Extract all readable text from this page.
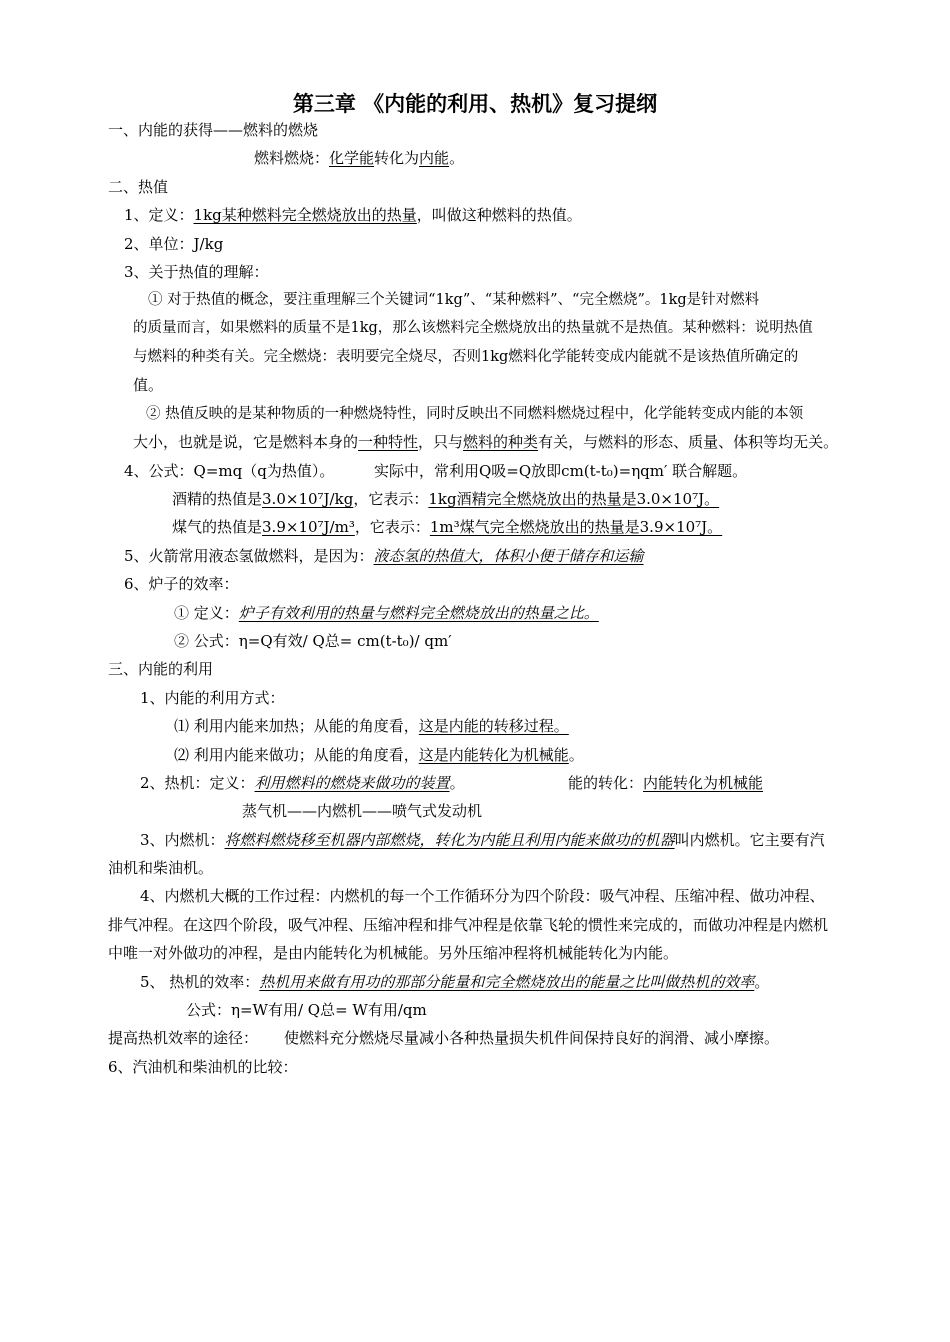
第三章 《内能的利用、热机》复习提纲
一、内能的获得——燃料的燃烧
燃料燃烧：化学能转化为内能。
二、热值
1、定义：1kg某种燃料完全燃烧放出的热量，叫做这种燃料的热值。
2、单位：J/kg
3、关于热值的理解：
① 对于热值的概念，要注重理解三个关键词“1kg”、“某种燃料”、“完全燃烧”。1kg是针对燃料
的质量而言，如果燃料的质量不是1kg，那么该燃料完全燃烧放出的热量就不是热值。某种燃料：说明热值
与燃料的种类有关。完全燃烧：表明要完全烧尽，否则1kg燃料化学能转变成内能就不是该热值所确定的
值。
② 热值反映的是某种物质的一种燃烧特性，同时反映出不同燃料燃烧过程中，化学能转变成内能的本领
大小，也就是说，它是燃料本身的一种特性，只与燃料的种类有关，与燃料的形态、质量、体积等均无关。
4、公式：Q=mq（q为热值）。	实际中，常利用Q吸=Q放即cm(t-t₀)=ηqm′ 联合解题。
酒精的热值是3.0×10⁷J/kg，它表示：1kg酒精完全燃烧放出的热量是3.0×10⁷J。
煤气的热值是3.9×10⁷J/m³，它表示：1m³煤气完全燃烧放出的热量是3.9×10⁷J。
5、火箭常用液态氢做燃料，是因为：液态氢的热值大，体积小便于储存和运输
6、炉子的效率：
① 定义：炉子有效利用的热量与燃料完全燃烧放出的热量之比。
② 公式：η=Q有效/ Q总= cm(t-t₀)/ qm′
三、内能的利用
1、内能的利用方式：
⑴ 利用内能来加热；从能的角度看，这是内能的转移过程。
⑵ 利用内能来做功；从能的角度看，这是内能转化为机械能。
2、热机：定义：利用燃料的燃烧来做功的装置。	能的转化：内能转化为机械能
蒸气机——内燃机——喷气式发动机
3、内燃机：将燃料燃烧移至机器内部燃烧，转化为内能且利用内能来做功的机器叫内燃机。它主要有汽
油机和柴油机。
4、内燃机大概的工作过程：内燃机的每一个工作循环分为四个阶段：吸气冲程、压缩冲程、做功冲程、
排气冲程。在这四个阶段，吸气冲程、压缩冲程和排气冲程是依靠飞轮的惯性来完成的，而做功冲程是内燃机
中唯一对外做功的冲程，是由内能转化为机械能。另外压缩冲程将机械能转化为内能。
5、 热机的效率：热机用来做有用功的那部分能量和完全燃烧放出的能量之比叫做热机的效率。
公式：η=W有用/ Q总= W有用/qm
提高热机效率的途径： 使燃料充分燃烧尽量减小各种热量损失机件间保持良好的润滑、减小摩擦。
6、汽油机和柴油机的比较：
